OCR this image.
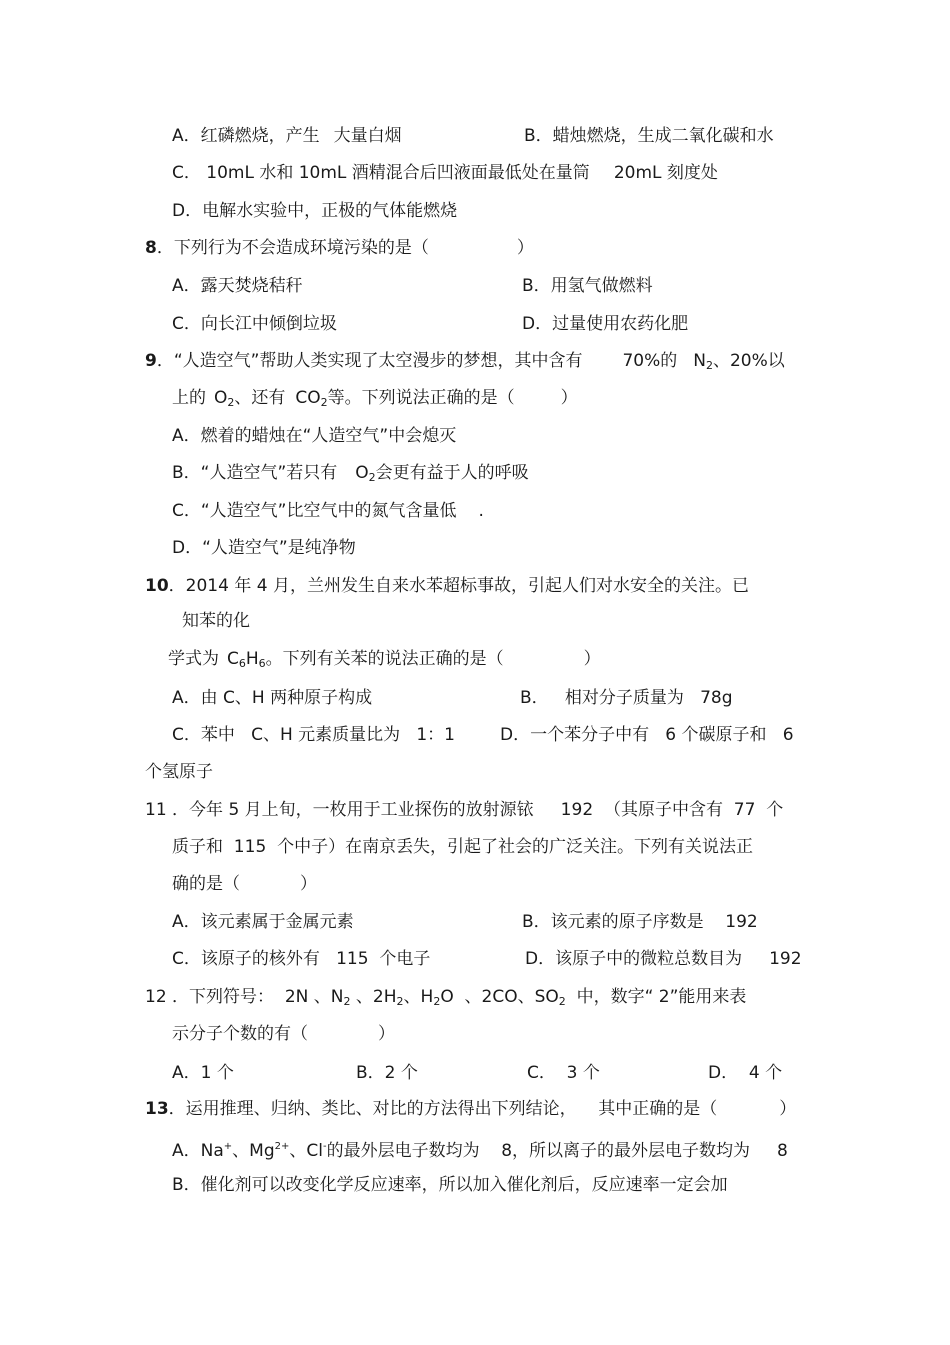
A．红磷燃烧，产生 大量白烟	B．蜡烛燃烧，生成二氧化碳和水
C． 10mL 水和 10mL 酒精混合后凹液面最低处在量筒 20mL 刻度处
D．电解水实验中，正极的气体能燃烧
8．下列行为不会造成环境污染的是（	）
A．露天焚烧秸秆	B．用氢气做燃料
C．向长江中倾倒垃圾	D．过量使用农药化肥
9．“人造空气”帮助人类实现了太空漫步的梦想，其中含有 70%的 $N_2$、20%以
上的 $O_2$、还有 $CO_2$等。下列说法正确的是（	）
A．燃着的蜡烛在“人造空气”中会熄灭
B．“人造空气”若只有 $O_2$会更有益于人的呼吸
C．“人造空气”比空气中的氮气含量低 .
D．“人造空气”是纯净物
10．2014 年 4 月，兰州发生自来水苯超标事故，引起人们对水安全的关注。已
知苯的化
学式为 $C_6H_6$。下列有关苯的说法正确的是（	）
A．由 C、H 两种原子构成	B．   相对分子质量为   78g
C．苯中   C、H 元素质量比为   1：1	D．一个苯分子中有   6 个碳原子和   6
个氢原子
11 ．今年 5 月上旬，一枚用于工业探伤的放射源铱     192  （其原子中含有  77  个
质子和  115  个中子）在南京丢失，引起了社会的广泛关注。下列有关说法正
确的是（	）
A．该元素属于金属元素	B．该元素的原子序数是    192
C．该原子的核外有   115  个电子	D．该原子中的微粒总数目为     192
12 ．下列符号：  2N 、$N_2$ 、$2H_2$、$H_2O$  、2CO、$SO_2$  中，数字“ 2”能用来表
示分子个数的有（	）
A．1 个	B．2 个	C．  3 个	D．  4 个
13．运用推理、归纳、类比、对比的方法得出下列结论，    其中正确的是（	）
A．Na+、$Mg^{2+}$、Cl-的最外层电子数均为    8，所以离子的最外层电子数均为     8
B．催化剂可以改变化学反应速率，所以加入催化剂后，反应速率一定会加
